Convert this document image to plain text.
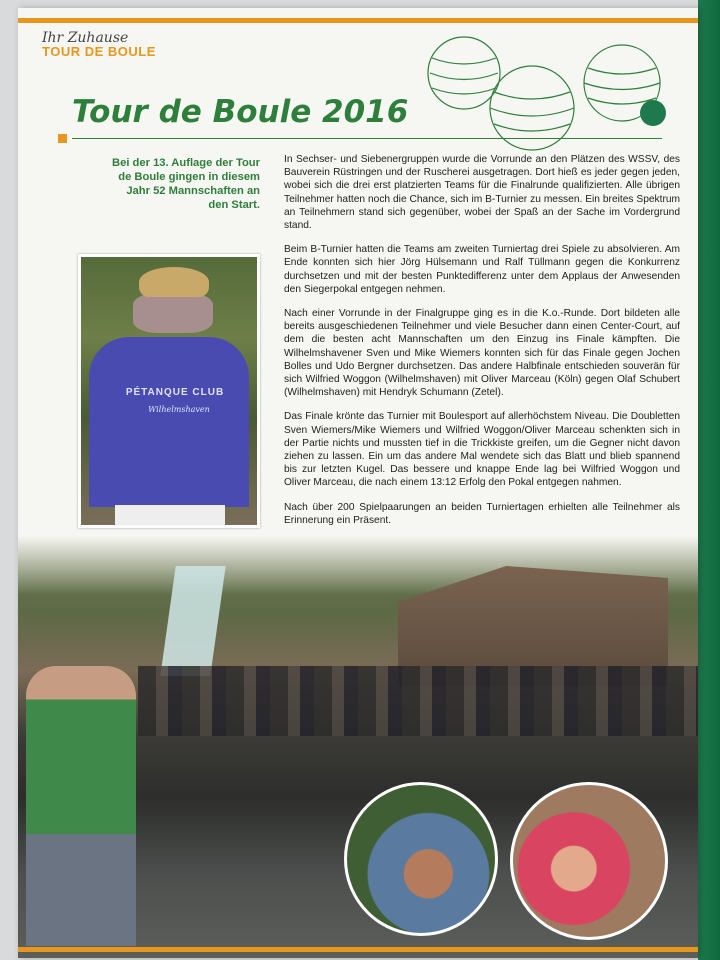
Ihr Zuhause
TOUR DE BOULE
Tour de Boule 2016

Bei der 13. Auflage der Tour de Boule gingen in diesem Jahr 52 Mannschaften an den Start.

In Sechser- und Siebenergruppen wurde die Vorrunde an den Plätzen des WSSV, des Bauverein Rüstringen und der Ruscherei ausgetragen. Dort hieß es jeder gegen jeden, wobei sich die drei erst platzierten Teams für die Finalrunde qualifizierten. Alle übrigen Teilnehmer hatten noch die Chance, sich im B-Turnier zu messen. Ein breites Spektrum an Teilnehmern stand sich gegenüber, wobei der Spaß an der Sache im Vordergrund stand.

Beim B-Turnier hatten die Teams am zweiten Turniertag drei Spiele zu absolvieren. Am Ende konnten sich hier Jörg Hülsemann und Ralf Tüllmann gegen die Konkurrenz durchsetzen und mit der besten Punktedifferenz unter dem Applaus der Anwesenden den Siegerpokal entgegen nehmen.

Nach einer Vorrunde in der Finalgruppe ging es in die K.o.-Runde. Dort bildeten alle bereits ausgeschiedenen Teilnehmer und viele Besucher dann einen Center-Court, auf dem die besten acht Mannschaften um den Einzug ins Finale kämpften. Die Wilhelmshavener Sven und Mike Wiemers konnten sich für das Finale gegen Jochen Bolles und Udo Bergner durchsetzen. Das andere Halbfinale entschieden souverän für sich Wilfried Woggon (Wilhelmshaven) mit Oliver Marceau (Köln) gegen Olaf Schubert (Wilhelmshaven) mit Hendryk Schumann (Zetel).

Das Finale krönte das Turnier mit Boulesport auf allerhöchstem Niveau. Die Doubletten Sven Wiemers/Mike Wiemers und Wilfried Woggon/Oliver Marceau schenkten sich in der Partie nichts und mussten tief in die Trickkiste greifen, um die Gegner nicht davon ziehen zu lassen. Ein um das andere Mal wendete sich das Blatt und blieb spannend bis zur letzten Kugel. Das bessere und knappe Ende lag bei Wilfried Woggon und Oliver Marceau, die nach einem 13:12 Erfolg den Pokal entgegen nahmen.

Nach über 200 Spielpaarungen an beiden Turniertagen erhielten alle Teilnehmer als Erinnerung ein Präsent.

PÉTANQUE CLUB
Wilhelmshaven
